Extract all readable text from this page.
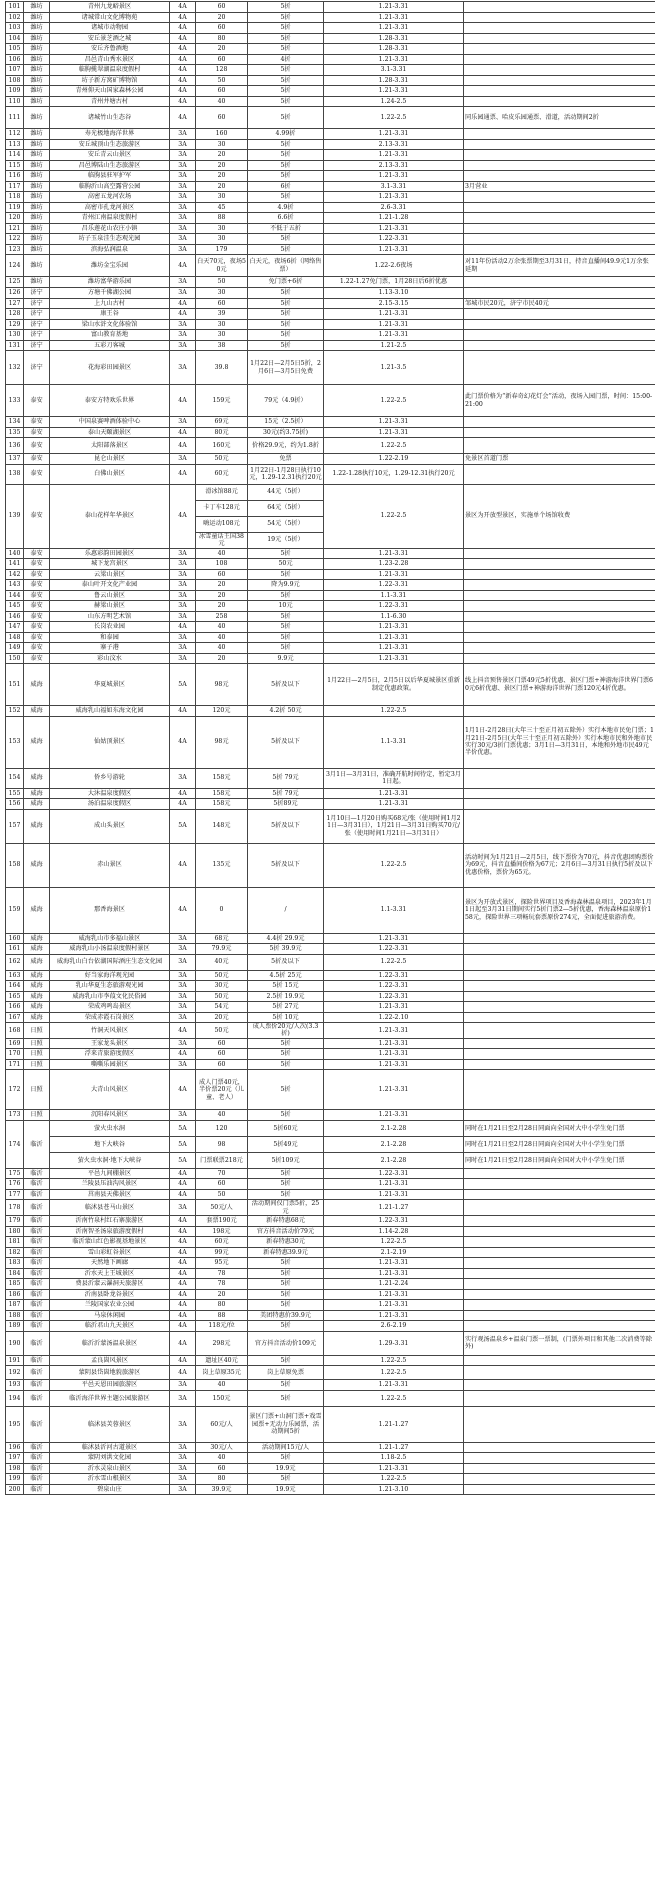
101	潍坊	青州九龙峪景区	4A	60	5折	1.21-3.31	
102	潍坊	诸城常山文化博物苑	4A	20	5折	1.21-3.31	
103	潍坊	诸城市动物园	4A	60	5折	1.21-3.31	
104	潍坊	安丘景芝酒之城	4A	80	5折	1.28-3.31	
105	潍坊	安丘齐鲁酒地	4A	20	5折	1.28-3.31	
106	潍坊	昌邑青山秀水景区	4A	60	4折	1.21-3.31	
107	潍坊	临朐揽翠湖温泉度假村	4A	128	5折	3.1-3.31	
108	潍坊	坊子新方窝矿博物馆	4A	50	5折	1.28-3.31	
109	潍坊	青州仰天山国家森林公园	4A	60	5折	1.21-3.31	
110	潍坊	青州井塘古村	4A	40	5折	1.24-2.5	
111	潍坊	诸城竹山生态谷	4A	60	5折	1.22-2.5	同乐园通票、哈皮乐园通票、滑道，活动期间2折
112	潍坊	寿光极地海洋世界	3A	160	4.99折	1.21-3.31	
113	潍坊	安丘城顶山生态旅游区	3A	30	5折	2.13-3.31	
114	潍坊	安丘青云山景区	3A	20	5折	1.21-3.31	
115	潍坊	昌邑博陆山生态旅游区	3A	20	5折	2.13-3.31	
116	潍坊	临朐县驻军护军	3A	20	5折	1.21-3.31	
117	潍坊	临朐沂山高空露营公园	3A	20	6折	3.1-3.31	3月营业
118	潍坊	高密五龙河农场	3A	30	5折	1.21-3.31	
119	潍坊	高密市孔龙河景区	3A	45	4.9折	2.6-3.31	
120	潍坊	青州江南温泉度假村	3A	88	6.6折	1.21-1.28	
121	潍坊	昌乐莲花山农庄小镇	3A	30	不低于五折	1.21-3.31	
122	潍坊	坊子玉泉洼生态观光园	3A	30	5折	1.22-3.31	
123	潍坊	滨海弘润温泉	3A	179	5折	1.21-3.31	
124	潍坊	潍坊金宝乐园	4A	白天70元，夜场50元	白天元，夜场6折（网络售票）	1.22-2.6夜场	对11年份活动2万余张票期至3月31日，持音直播间49.9元1万余张延期
125	潍坊	潍坊富华游乐园	3A	50	免门票+6折	1.22-1.27免门票，1月28日后6折优惠	
126	济宁	方塘千佛湖公园	3A	30	5折	1.13-3.10	
127	济宁	上九山古村	4A	60	5折	2.15-3.15	邹城市民20元，济宁市民40元
128	济宁	康王谷	4A	39	5折	1.21-3.31	
129	济宁	梁山水浒文化体验馆	3A	30	5折	1.21-3.31	
130	济宁	富山教育基地	3A	30	5折	1.21-3.31	
131	济宁	五彩刀客城	3A	38	5折	1.21-2.5	
132	济宁	花海彩田园景区	3A	39.8	1月22日—2月5日5折，2月6日—3月5日免费	1.21-3.5	
133	泰安	泰安方特欢乐世界	4A	159元	79元（4.9折）	1.22-2.5	此门票价格为“新春奇幻花灯会”活动，夜场入园门票，时间：15:00-21:00
134	泰安	中国泉赛啤酒体验中心	3A	69元	15元（2.5折）	1.21-3.31	
135	泰安	泰山天颐湖景区	4A	80元	30元(约3.75折)	1.21-3.31	
136	泰安	太阳部落景区	4A	160元	价格29.9元，约为1.8折	1.22-2.5	
137	泰安	昆仑山景区	3A	50元	免票	1.22-2.19	免景区首道门票
138	泰安	白佛山景区	4A	60元	1月22日-1月28日执行10元，1.29-12.31执行20元	1.22-1.28执行10元，1.29-12.31执行20元	
139	泰安	泰山花样年华景区	4A	滑冰馆88元	44元（5折）	1.22-2.5	景区为开放型景区，实施单个场馆收费
				卡丁车128元	64元（5折）		
				嗨运动108元	54元（5折）		
				冰雪童话王国38元	19元（5折）		
140	泰安	乐惠彩韵田园景区	3A	40	5折	1.21-3.31	
141	泰安	城下龙宫景区	3A	108	50元	1.23-2.28	
142	泰安	云梁山景区	3A	60	5折	1.21-3.31	
143	泰安	泰山叶开文化产业园	3A	20	降为9.9元	1.22-3.31	
144	泰安	鲁云山景区	3A	20	5折	1.1-3.31	
145	泰安	赫梁山景区	3A	20	10元	1.22-3.31	
146	泰安	山东方明艺术馆	3A	258	5折	1.1-6.30	
147	泰安	长岗农业园	4A	40	5折	1.21-3.31	
148	泰安	和泰园	3A	40	5折	1.21-3.31	
149	泰安	寨子港	3A	40	5折	1.21-3.31	
150	泰安	彩山汶水	3A	20	9.9元	1.21-3.31	
151	威海	华夏城景区	5A	98元	5折及以下	1月22日—2月5日，2月5日以后华夏城景区重新制定优惠政策。	线上抖音预售景区门票49元5折优惠、景区门票+神游海洋世界门票60元6折优惠、景区门票+神游海洋世界门票120元4折优惠。
152	威海	威海乳山福如东海文化园	4A	120元	4.2折 50元	1.22-2.5	
153	威海	仙姑顶景区	4A	98元	5折及以下	1.1-3.31	1月1日-2月28日(大年三十至正月初五除外）实行本地市民免门票；1月21日-2月5日(大年三十至正月初五除外）实行本地市民和外地市民实行30元/3折门票优惠；3月1日—3月31日，本地和外地市民49元半价优惠。
154	威海	侨乡号游轮	3A	158元	5折 79元	3月1日—3月31日，准确开航时间待定，暂定3月1日起。	
155	威海	大沐温泉度假区	4A	158元	5折 79元	1.21-3.31	
156	威海	汤泊温泉度假区	4A	158元	5折89元	1.21-3.31	
157	威海	成山头景区	5A	148元	5折及以下	1月10日—1月20日购买68元/张（使用时间1月21日—3月31日），1月21日—3月31日购买70元/张（使用时间1月21日—3月31日）	
158	威海	赤山景区	4A	135元	5折及以下	1.22-2.5	活动时间为1月21日—2月5日，线下票价为70元，抖音优惠团购票价为69元，抖音直播间价格为67元；2月6日—3月31日执行5折及以下优惠价格，票价为65元。
159	威海	那香海景区	4A	0	/	1.1-3.31	景区为开放式景区，探险世界项目及香海森林温泉项目，2023年1月1日起至3月31日期间实行5折门票2—5折优惠，香海森林温泉原价158元，探险世界三项畅玩套票原价274元，全面促进旅游消费。
160	威海	威海乳山市多福山景区	3A	68元	4.4折 29.9元	1.21-3.31	
161	威海	威海乳山小汤温泉度假村景区	3A	79.9元	5折 39.9元	1.22-3.31	
162	威海	威海乳山白台依湖国际酒庄生态文化园	3A	40元	5折及以下	1.22-2.5	
163	威海	好当家海洋观光园	3A	50元	4.5折 25元	1.22-3.31	
164	威海	乳山华夏生态旅游观光园	3A	30元	5折 15元	1.22-3.31	
165	威海	威海乳山市李葭文化民俗园	3A	50元	2.5折 19.9元	1.22-3.31	
166	威海	荣成鸡鸣岛景区	3A	54元	5折 27元	1.21-3.31	
167	威海	荣成赤霞石岗景区	3A	20元	5折 10元	1.22-2.10	
168	日照	竹洞天风景区	4A	50元	成人票价20元/人次(3.3折)	1.21-3.31	
169	日照	王家龙头景区	3A	60	5折	1.21-3.31	
170	日照	浮来青旅游度假区	4A	60	5折	1.21-3.31	
171	日照	嘶嘶乐园景区	3A	60	5折	1.21-3.31	
172	日照	大青山风景区	4A	成人门票40元，半价票20元（儿童、老人）	5折	1.21-3.31	
173	日照	沉阳春风景区	3A	40	5折	1.21-3.31	
174	临沂	萤火虫水洞	5A	120	5折60元	2.1-2.28	同时在1月21日至2月28日同面向全国对大中小学生免门票
		地下大峡谷	5A	98	5折49元	2.1-2.28	同时在1月21日至2月28日同面向全国对大中小学生免门票
		萤火虫水洞·地下大峡谷	5A	门票联票218元	5折109元	2.1-2.28	同时在1月21日至2月28日同面向全国对大中小学生免门票
175	临沂	平邑九间棚景区	4A	70	5折	1.22-3.31	
176	临沂	兰陵县压油沟风景区	4A	60	5折	1.21-3.31	
177	临沂	莒南县天佛景区	4A	50	5折	1.21-3.31	
178	临沂	临沭县苍马山景区	3A	50元/人	活动期间仅门票5折，25元	1.21-1.27	
179	临沂	沂南竹泉村红石寨旅游区	4A	套票190元	新春特惠68元	1.22-3.31	
180	临沂	沂南智圣汤泉旅游度假村	4A	198元	官方抖音活动价79元	1.14-2.28	
181	临沂	临沂蒙山红色影视基地景区	4A	60元	新春特惠30元	1.22-2.5	
182	临沂	雪山彩虹谷景区	4A	99元	新春特惠39.9元	2.1-2.19	
183	临沂	天然地下画廊	4A	95元	5折	1.21-3.31	
184	临沂	沂水天上王城景区	4A	78	5折	1.21-3.31	
185	临沂	费县沂蒙云瀑洞天旅游区	4A	78	5折	1.21-2.24	
186	临沂	沂南县卧龙谷景区	4A	20	5折	1.21-3.31	
187	临沂	兰陵国家农业公园	4A	80	5折	1.21-3.31	
188	临沂	马泉休闲园	4A	88	美团特惠价39.9元	1.21-3.31	
189	临沂	临沂君山九天景区	4A	118元/位	5折	2.6-2.19	
190	临沂	临沂沂蒙汤温泉景区	4A	298元	官方抖音活动价109元	1.29-3.31	实行观汤温泉乡+温泉门票一票制，(门票外项目和其他二次消费等除外)
191	临沂	孟良崮风景区	4A	遗址区40元	5折	1.22-2.5	
192	临沂	蒙阴县岱崮地貌旅游区	4A	岗上草原35元	岗上草原免票	1.22-2.5	
193	临沂	平邑天恩田园旅游区	3A	40	5折	1.21-3.31	
194	临沂	临沂海洋世界主题公园旅游区	3A	150元	5折	1.22-2.5	
195	临沂	临沭县芙蓉景区	3A	60元/人	景区门票+山洞门票+戏雪园票+无动力乐园票，活动期间5折	1.21-1.27	
196	临沂	临沭县沂河古道景区	3A	30元/人	活动期间15元/人	1.21-1.27	
197	临沂	蒙阴刘洪文化园	3A	40	5折	1.18-2.5	
198	临沂	沂水灵泉山景区	3A	60	19.9元	1.21-3.31	
199	临沂	沂水雪山根景区	3A	80	5折	1.22-2.5	
200	临沂	碧泉山庄	3A	39.9元	19.9元	1.21-3.10	
